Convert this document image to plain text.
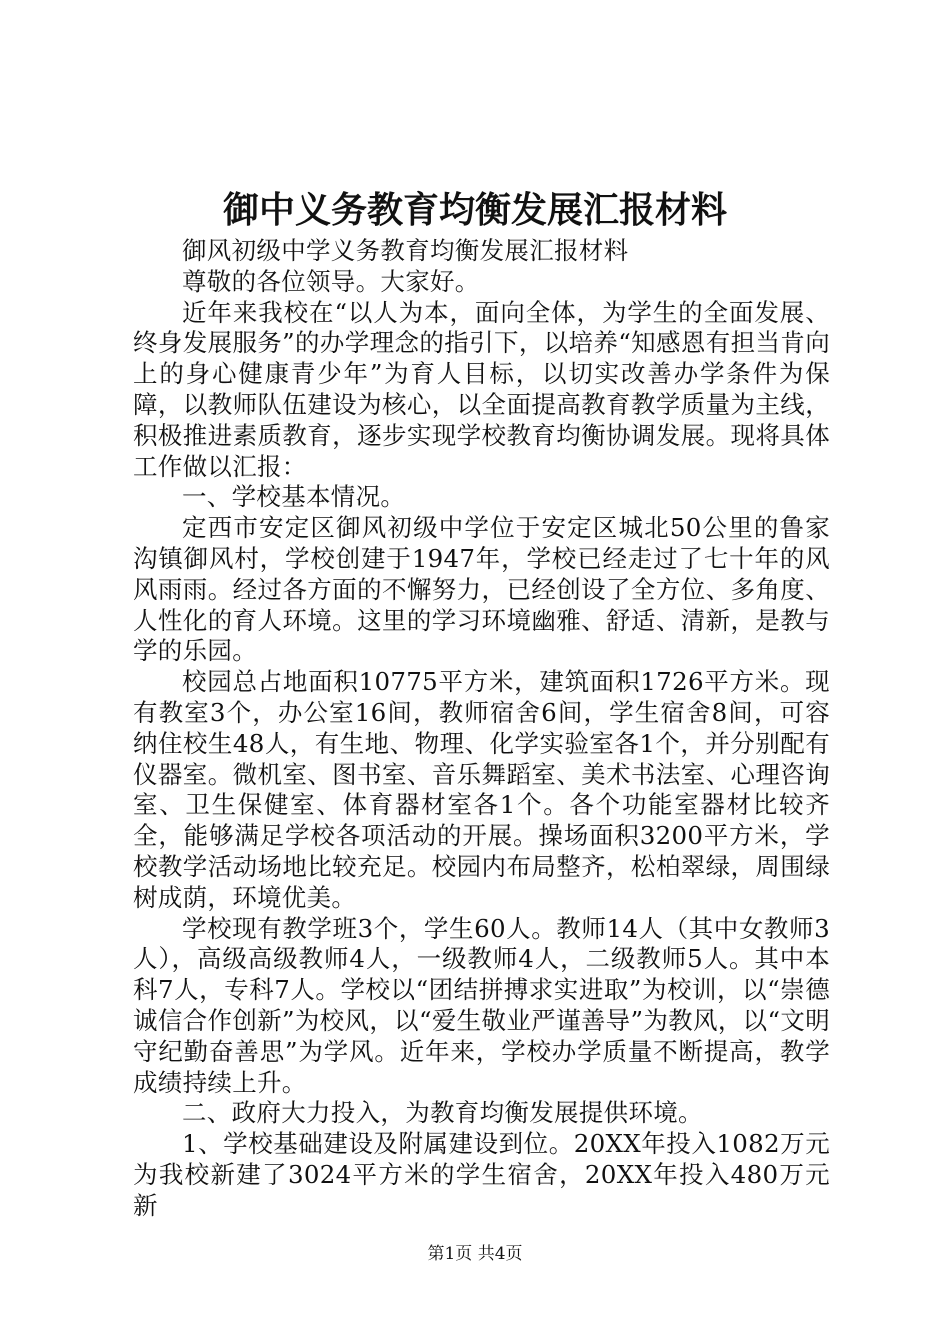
御中义务教育均衡发展汇报材料

御风初级中学义务教育均衡发展汇报材料

尊敬的各位领导。大家好。

近年来我校在“以人为本，面向全体，为学生的全面发展、终身发展服务”的办学理念的指引下，以培养“知感恩有担当肯向上的身心健康青少年”为育人目标，以切实改善办学条件为保障，以教师队伍建设为核心，以全面提高教育教学质量为主线，积极推进素质教育，逐步实现学校教育均衡协调发展。现将具体工作做以汇报：

一、学校基本情况。

定西市安定区御风初级中学位于安定区城北50公里的鲁家沟镇御风村，学校创建于1947年，学校已经走过了七十年的风风雨雨。经过各方面的不懈努力，已经创设了全方位、多角度、人性化的育人环境。这里的学习环境幽雅、舒适、清新，是教与学的乐园。

校园总占地面积10775平方米，建筑面积1726平方米。现有教室3个，办公室16间，教师宿舍6间，学生宿舍8间，可容纳住校生48人，有生地、物理、化学实验室各1个，并分别配有仪器室。微机室、图书室、音乐舞蹈室、美术书法室、心理咨询室、卫生保健室、体育器材室各1个。各个功能室器材比较齐全，能够满足学校各项活动的开展。操场面积3200平方米，学校教学活动场地比较充足。校园内布局整齐，松柏翠绿，周围绿树成荫，环境优美。

学校现有教学班3个，学生60人。教师14人（其中女教师3人），高级高级教师4人，一级教师4人，二级教师5人。其中本科7人，专科7人。学校以“团结拼搏求实进取”为校训，以“崇德诚信合作创新”为校风，以“爱生敬业严谨善导”为教风，以“文明守纪勤奋善思”为学风。近年来，学校办学质量不断提高，教学成绩持续上升。

二、政府大力投入，为教育均衡发展提供环境。

1、学校基础建设及附属建设到位。20XX年投入1082万元为我校新建了3024平方米的学生宿舍，20XX年投入480万元新

第1页 共4页
